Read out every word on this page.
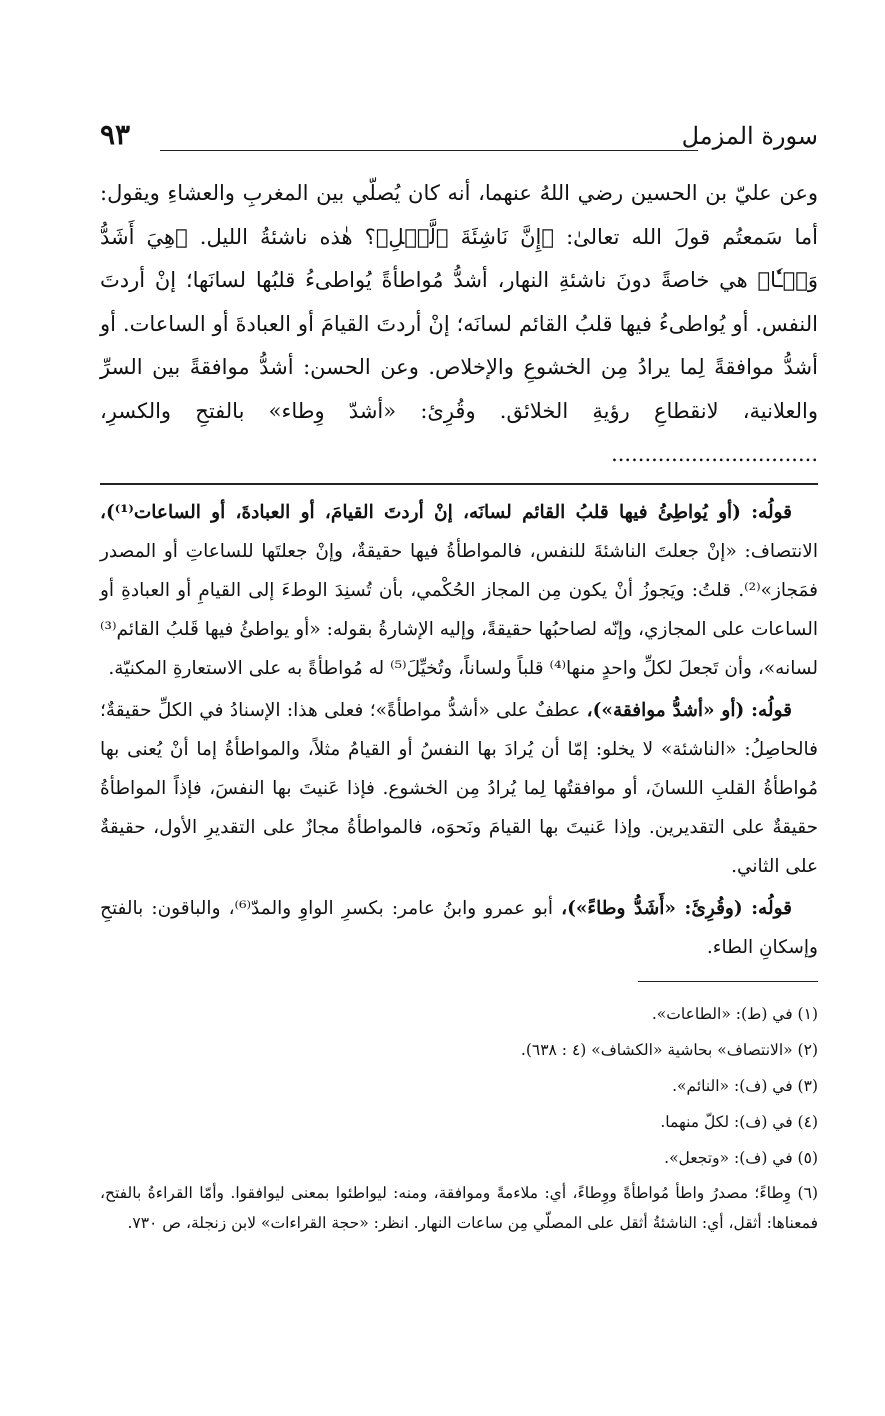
سورة المزمل
٩٣

وعن عليّ بن الحسين رضي اللهُ عنهما، أنه كان يُصلّي بين المغربِ والعشاءِ ويقول: أما سَمعتُم قولَ الله تعالىٰ: ﴿إِنَّ نَاشِئَةَ ٱلَّيۡلِ﴾؟ هٰذه ناشئةُ الليل. ﴿هِيَ أَشَدُّ وَطۡـٔٗا﴾ هي خاصةً دونَ ناشئةِ النهار، أشدُّ مُواطأةً يُواطىءُ قلبُها لسانَها؛ إنْ أردتَ النفس. أو يُواطىءُ فيها قلبُ القائم لسانَه؛ إنْ أردتَ القيامَ أو العبادةَ أو الساعات. أو أشدُّ موافقةً لِما يرادُ مِن الخشوعِ والإخلاص. وعن الحسن: أشدُّ موافقةً بين السرِّ والعلانية، لانقطاعِ رؤيةِ الخلائق. وقُرِئ: «أشدّ وِطاء» بالفتحِ والكسرِ، ...............................

قولُه: (أو يُواطِئُ فيها قلبُ القائم لسانَه، إنْ أردتَ القيامَ، أو العبادةَ، أو الساعات⁽¹⁾)، الانتصاف: «إنْ جعلتَ الناشئةَ للنفس، فالمواطأةُ فيها حقيقةٌ، وإنْ جعلتَها للساعاتِ أو المصدر فمَجاز»⁽²⁾. قلتُ: ويَجوزُ أنْ يكون مِن المجاز الحُكْمي، بأن تُسنِدَ الوطءَ إلى القيامِ أو العبادةِ أو الساعات على المجازي، وإنّه لصاحبُها حقيقةً، وإليه الإشارةُ بقوله: «أو يواطئُ فيها قَلبُ القائم⁽³⁾ لسانه»، وأن تَجعلَ لكلِّ واحدٍ منها⁽⁴⁾ قلباً ولساناً، وتُخيِّلَ⁽⁵⁾ له مُواطأةً به على الاستعارةِ المكنيّة.

قولُه: (أو «أشدُّ موافقة»)، عطفٌ على «أشدُّ مواطأةً»؛ فعلى هذا: الإسنادُ في الكلِّ حقيقةٌ؛ فالحاصِلُ: «الناشئة» لا يخلو: إمّا أن يُرادَ بها النفسُ أو القيامُ مثلاً، والمواطأةُ إما أنْ يُعنى بها مُواطأةُ القلبِ اللسانَ، أو موافقتُها لِما يُرادُ مِن الخشوع. فإذا عَنيتَ بها النفسَ، فإذاً المواطأةُ حقيقةٌ على التقديرين. وإذا عَنيتَ بها القيامَ ونَحوَه، فالمواطأةُ مجازٌ على التقديرِ الأول، حقيقةٌ على الثاني.

قولُه: (وقُرِئَ: «أَشَدُّ وطاءً»)، أبو عمرو وابنُ عامر: بكسرِ الواوِ والمدّ⁽⁶⁾، والباقون: بالفتحِ وإسكانِ الطاء.

(١) في (ط): «الطاعات».
(٢) «الانتصاف» بحاشية «الكشاف» (٤ : ٦٣٨).
(٣) في (ف): «النائم».
(٤) في (ف): لكلّ منهما.
(٥) في (ف): «وتجعل».
(٦) وِطاءً؛ مصدرُ واطأ مُواطأةً ووِطاءً، أي: ملاءمةً وموافقة، ومنه: ليواطئوا بمعنى ليوافقوا. وأمّا القراءةُ بالفتح، فمعناها: أثقل، أي: الناشئةُ أثقل على المصلّي مِن ساعات النهار. انظر: «حجة القراءات» لابن زنجلة، ص ٧٣٠.
